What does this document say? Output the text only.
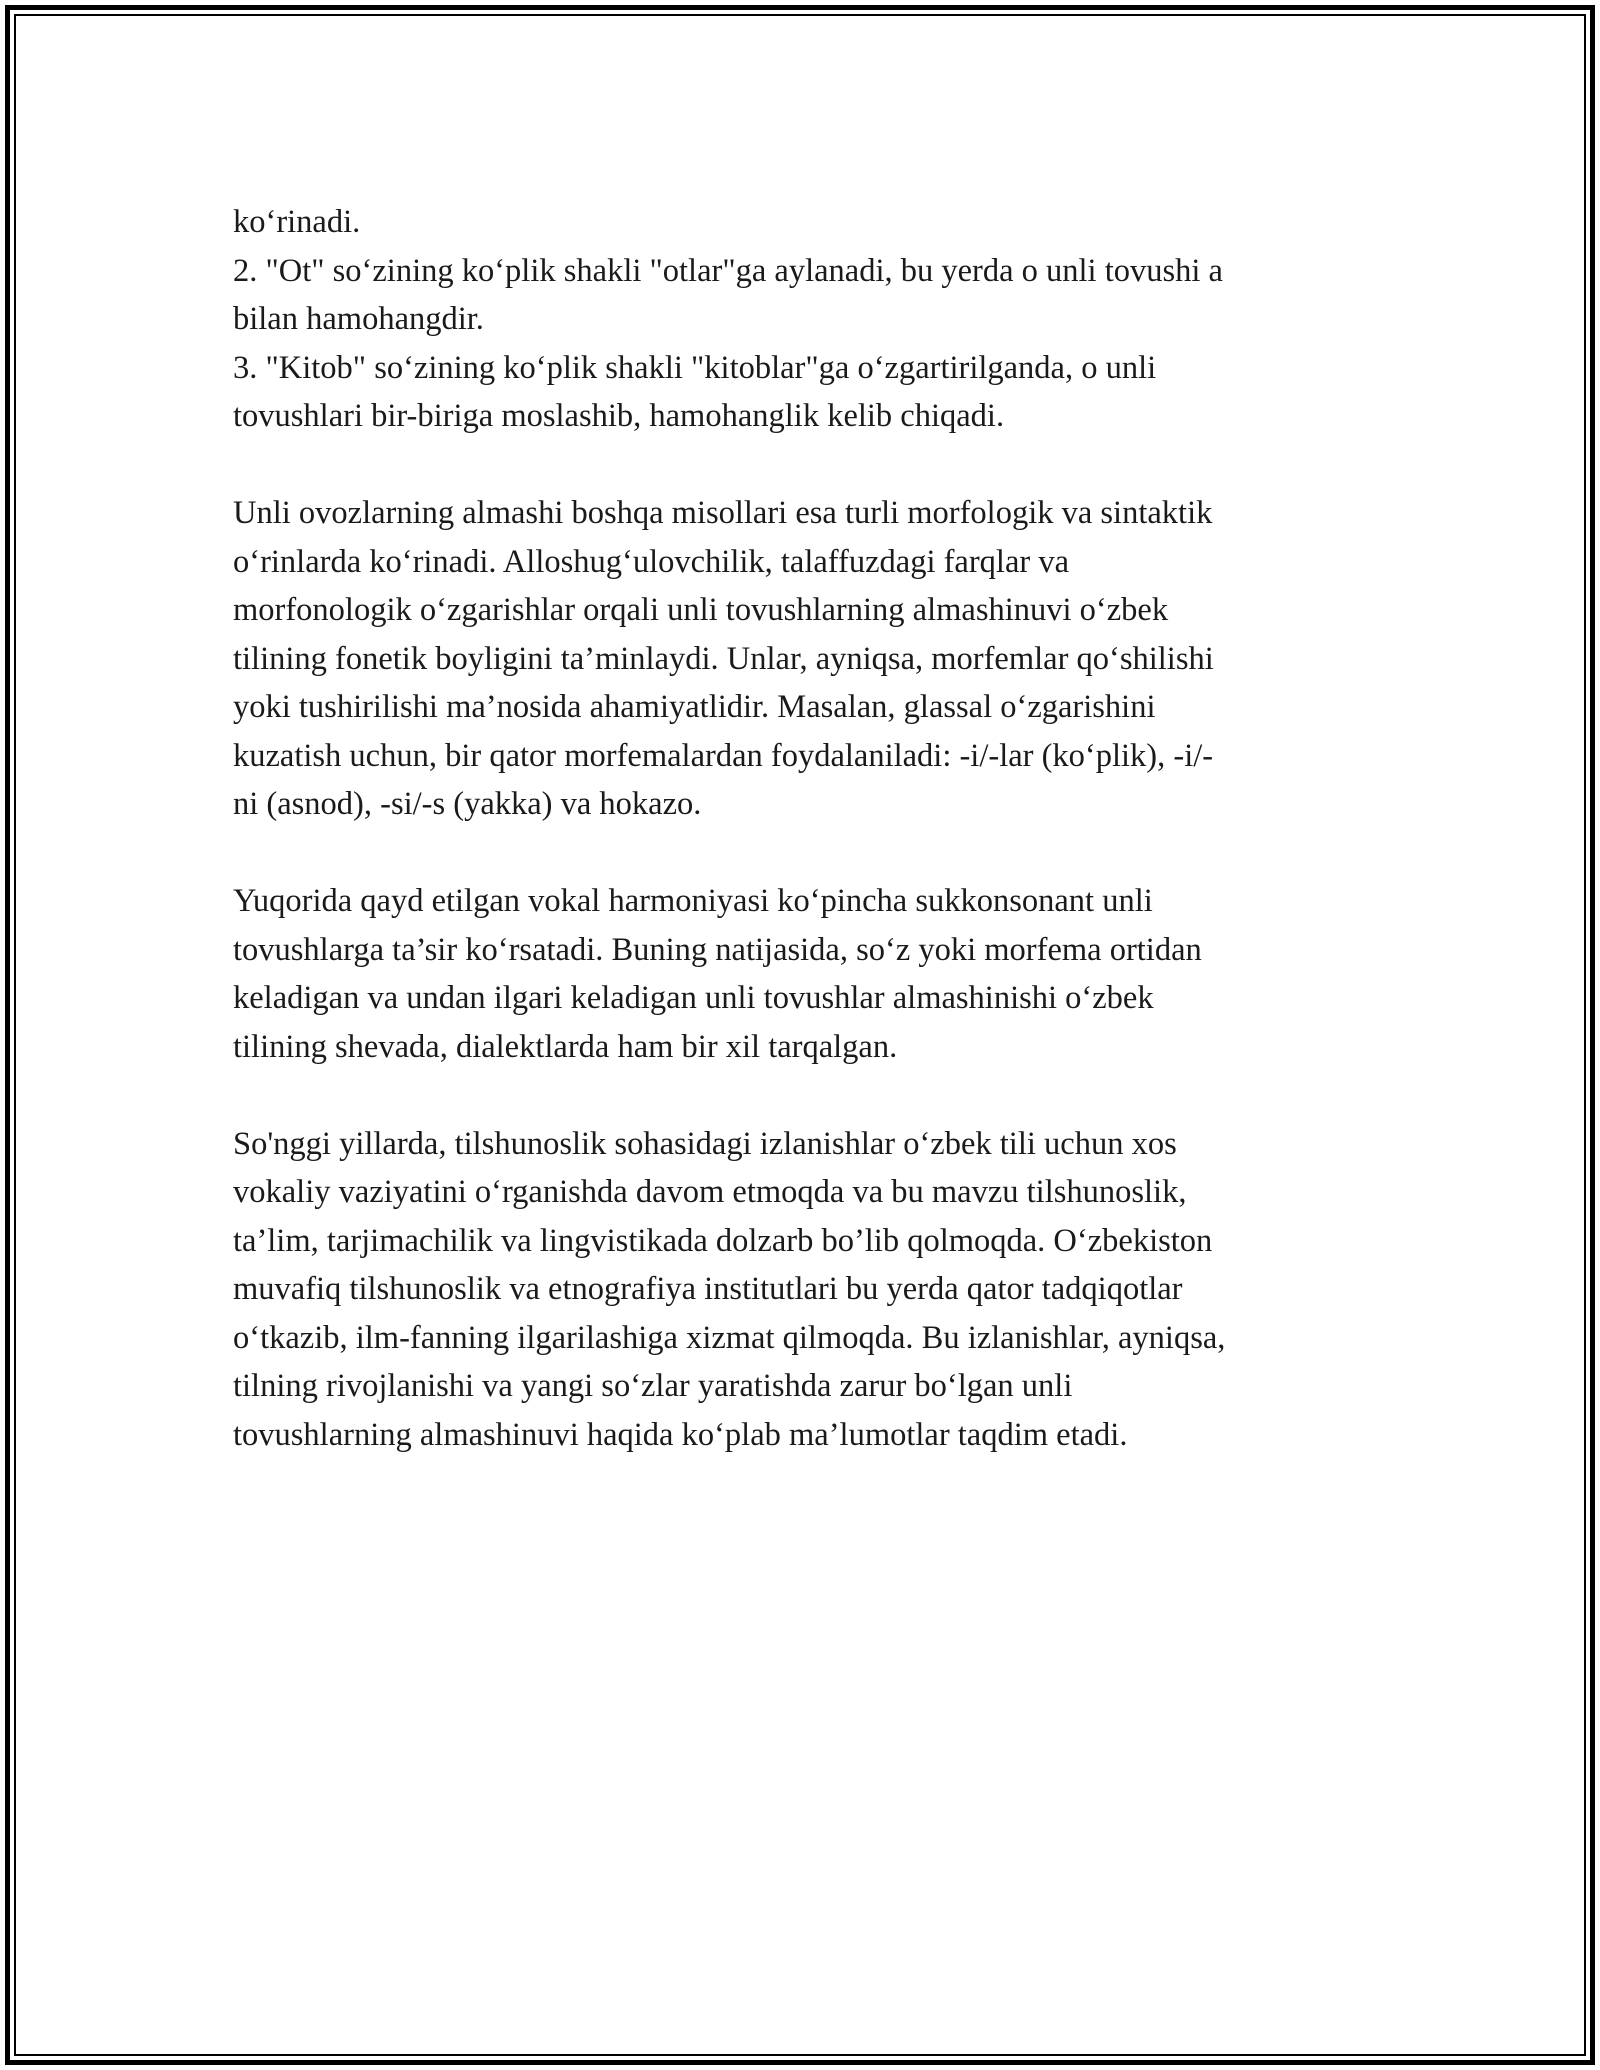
ko‘rinadi.
2. "Ot" so‘zining ko‘plik shakli "otlar"ga aylanadi, bu yerda o unli tovushi a
bilan hamohangdir.
3. "Kitob" so‘zining ko‘plik shakli "kitoblar"ga o‘zgartirilganda, o unli
tovushlari bir-biriga moslashib, hamohanglik kelib chiqadi.
Unli ovozlarning almashi boshqa misollari esa turli morfologik va sintaktik
o‘rinlarda ko‘rinadi. Alloshug‘ulovchilik, talaffuzdagi farqlar va
morfonologik o‘zgarishlar orqali unli tovushlarning almashinuvi o‘zbek
tilining fonetik boyligini ta’minlaydi. Unlar, ayniqsa, morfemlar qo‘shilishi
yoki tushirilishi ma’nosida ahamiyatlidir. Masalan, glassal o‘zgarishini
kuzatish uchun, bir qator morfemalardan foydalaniladi: -i/-lar (ko‘plik), -i/-
ni (asnod), -si/-s (yakka) va hokazo.
Yuqorida qayd etilgan vokal harmoniyasi ko‘pincha sukkonsonant unli
tovushlarga ta’sir ko‘rsatadi. Buning natijasida, so‘z yoki morfema ortidan
keladigan va undan ilgari keladigan unli tovushlar almashinishi o‘zbek
tilining shevada, dialektlarda ham bir xil tarqalgan.
So'nggi yillarda, tilshunoslik sohasidagi izlanishlar o‘zbek tili uchun xos
vokaliy vaziyatini o‘rganishda davom etmoqda va bu mavzu tilshunoslik,
ta’lim, tarjimachilik va lingvistikada dolzarb bo’lib qolmoqda. O‘zbekiston
muvafiq tilshunoslik va etnografiya institutlari bu yerda qator tadqiqotlar
o‘tkazib, ilm-fanning ilgarilashiga xizmat qilmoqda. Bu izlanishlar, ayniqsa,
tilning rivojlanishi va yangi so‘zlar yaratishda zarur bo‘lgan unli
tovushlarning almashinuvi haqida ko‘plab ma’lumotlar taqdim etadi.
